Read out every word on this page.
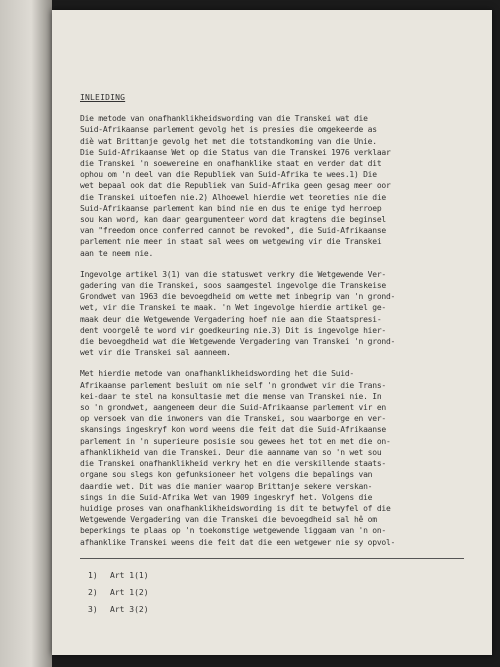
INLEIDING
Die metode van onafhanklikheidswording van die Transkei wat die
Suid-Afrikaanse parlement gevolg het is presies die omgekeerde as
diè wat Brittanje gevolg het met die totstandkoming van die Unie.
Die Suid-Afrikaanse Wet op die Status van die Transkei 1976 verklaar
die Transkei 'n soewereine en onafhanklike staat en verder dat dit
ophou om 'n deel van die Republiek van Suid-Afrika te wees.1) Die
wet bepaal ook dat die Republiek van Suid-Afrika geen gesag meer oor
die Transkei uitoefen nie.2) Alhoewel hierdie wet teoreties nie die
Suid-Afrikaanse parlement kan bind nie en dus te enige tyd herroep
sou kan word, kan daar geargumenteer word dat kragtens die beginsel
van "freedom once conferred cannot be revoked", die Suid-Afrikaanse
parlement nie meer in staat sal wees om wetgewing vir die Transkei
aan te neem nie.
Ingevolge artikel 3(1) van die statuswet verkry die Wetgewende Ver-
gadering van die Transkei, soos saamgestel ingevolge die Transkeise
Grondwet van 1963 die bevoegdheid om wette met inbegrip van 'n grond-
wet, vir die Transkei te maak. 'n Wet ingevolge hierdie artikel ge-
maak deur die Wetgewende Vergadering hoef nie aan die Staatspresi-
dent voorgelê te word vir goedkeuring nie.3) Dit is ingevolge hier-
die bevoegdheid wat die Wetgewende Vergadering van Transkei 'n grond-
wet vir die Transkei sal aanneem.
Met hierdie metode van onafhanklikheidswording het die Suid-
Afrikaanse parlement besluit om nie self 'n grondwet vir die Trans-
kei-daar te stel na konsultasie met die mense van Transkei nie. In
so 'n grondwet, aangeneem deur die Suid-Afrikaanse parlement vir en
op versoek van die inwoners van die Transkei, sou waarborge en ver-
skansings ingeskryf kon word weens die feit dat die Suid-Afrikaanse
parlement in 'n superieure posisie sou gewees het tot en met die on-
afhanklikheid van die Transkei. Deur die aanname van so 'n wet sou
die Transkei onafhanklikheid verkry het en die verskillende staats-
organe sou slegs kon gefunksioneer het volgens die bepalings van
daardie wet. Dit was die manier waarop Brittanje sekere verskan-
sings in die Suid-Afrika Wet van 1909 ingeskryf het. Volgens die
huidige proses van onafhanklikheidswording is dit te betwyfel of die
Wetgewende Vergadering van die Transkei die bevoegdheid sal hê om
beperkings te plaas op 'n toekomstige wetgewende liggaam van 'n on-
afhanklike Transkei weens die feit dat die een wetgewer nie sy opvol-
1) Art 1(1)
2) Art 1(2)
3) Art 3(2)
